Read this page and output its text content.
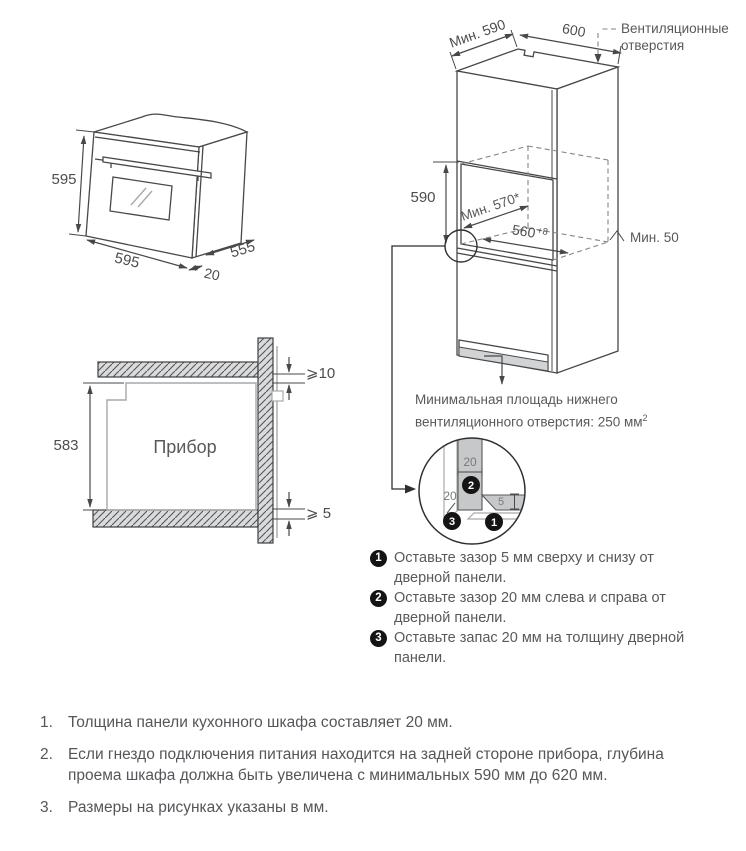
595
595	555
20
Вентиляционные
отверстия
Мин. 590	600
590 Мин. 570*
560 +8	Мин. 50
⩾10
⩾ 5
583	Прибор
20
2
20
3
5
1
Минимальная площадь нижнего
вентиляционного отверстия: 250 $мм^2$
1 Оставьте зазор 5 мм сверху и снизу от дверной панели.
2 Оставьте зазор 20 мм слева и справа от дверной панели.
3 Оставьте запас 20 мм на толщину дверной панели.
1. Толщина панели кухонного шкафа составляет 20 мм.
2. Если гнездо подключения питания находится на задней стороне прибора, глубина проема шкафа должна быть увеличена с минимальных 590 мм до 620 мм.
3. Размеры на рисунках указаны в мм.
